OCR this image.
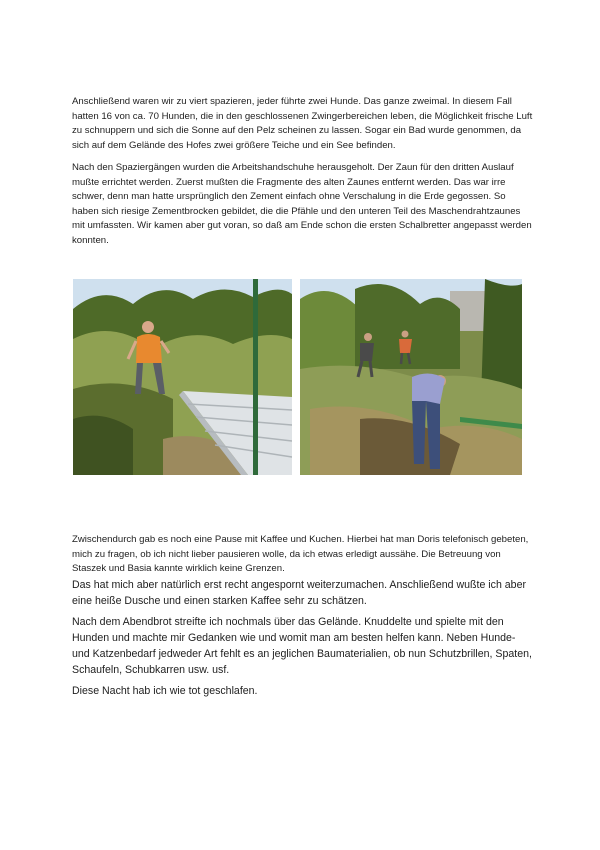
Anschließend waren wir zu viert spazieren, jeder führte zwei Hunde. Das ganze zweimal. In diesem Fall hatten 16 von ca. 70 Hunden, die in den geschlossenen Zwingerbereichen leben, die Möglichkeit frische Luft zu schnuppern und sich die Sonne auf den Pelz scheinen zu lassen. Sogar ein Bad wurde genommen, da sich auf dem Gelände des Hofes zwei größere Teiche und ein See befinden.

Nach den Spaziergängen wurden die Arbeitshandschuhe herausgeholt. Der Zaun für den dritten Auslauf mußte errichtet werden. Zuerst mußten die Fragmente des alten Zaunes entfernt werden. Das war irre schwer, denn man hatte ursprünglich den Zement einfach ohne Verschalung in die Erde gegossen. So haben sich riesige Zementbrocken gebildet, die die Pfähle und den unteren Teil des Maschendrahtzaunes mit umfassten. Wir kamen aber gut voran, so daß am Ende schon die ersten Schalbretter angepasst werden konnten.

Zwischendurch gab es noch eine Pause mit Kaffee und Kuchen. Hierbei hat man Doris telefonisch gebeten, mich zu fragen, ob ich nicht lieber pausieren wolle, da ich etwas erledigt aussähe. Die Betreuung von Staszek und Basia kannte wirklich keine Grenzen.

Das hat mich aber natürlich erst recht angespornt weiterzumachen. Anschließend wußte ich aber eine heiße Dusche und einen starken Kaffee sehr zu schätzen.

Nach dem Abendbrot streifte ich nochmals über das Gelände. Knuddelte und spielte mit den Hunden und machte mir Gedanken wie und womit man am besten helfen kann. Neben Hunde- und Katzenbedarf jedweder Art fehlt es an jeglichen Baumaterialien, ob nun Schutzbrillen, Spaten, Schaufeln, Schubkarren usw. usf.

Diese Nacht hab ich wie tot geschlafen.
